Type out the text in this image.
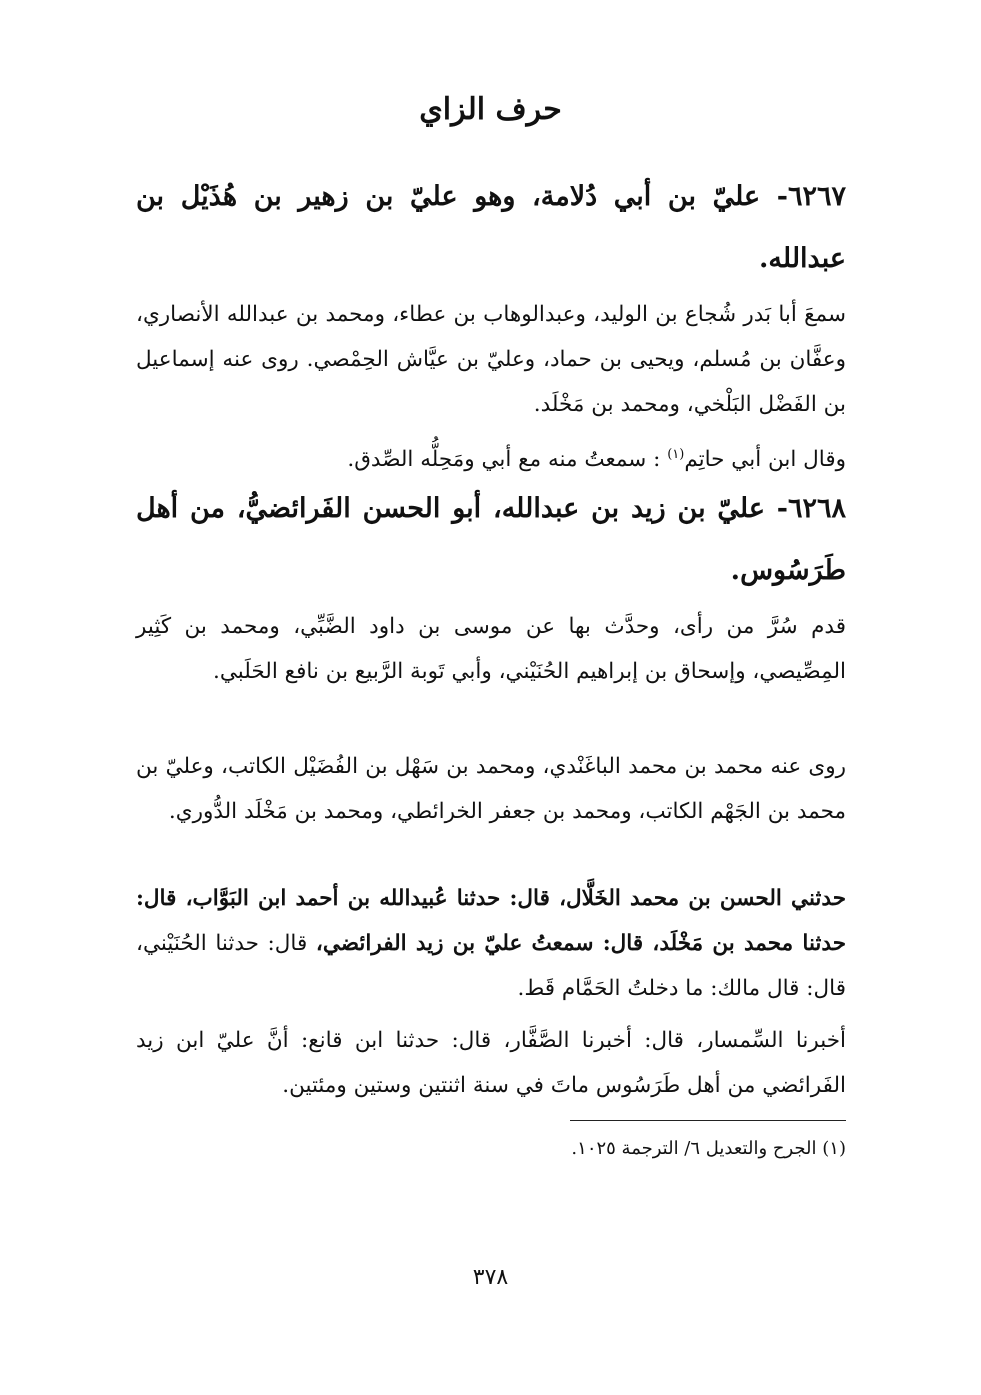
حرف الزاي
٦٢٦٧- عليّ بن أبي دُلامة، وهو عليّ بن زهير بن هُذَيْل بن عبدالله.
سمعَ أبا بَدر شُجاع بن الوليد، وعبدالوهاب بن عطاء، ومحمد بن عبدالله الأنصاري، وعفَّان بن مُسلم، ويحيى بن حماد، وعليّ بن عيَّاش الحِمْصي. روى عنه إسماعيل بن الفَضْل البَلْخي، ومحمد بن مَخْلَد.
وقال ابن أبي حاتِم$^{(١)}$ : سمعتُ منه مع أبي ومَحِلُّه الصِّدق.
٦٢٦٨- عليّ بن زيد بن عبدالله، أبو الحسن الفَرائضيُّ، من أهل طَرَسُوس.
قدم سُرَّ من رأى، وحدَّث بها عن موسى بن داود الضَّبِّي، ومحمد بن كَثِير المِصِّيصي، وإسحاق بن إبراهيم الحُنَيْني، وأبي تَوبة الرَّبيع بن نافع الحَلَبي.
روى عنه محمد بن محمد الباغَنْدي، ومحمد بن سَهْل بن الفُضَيْل الكاتب، وعليّ بن محمد بن الجَهْم الكاتب، ومحمد بن جعفر الخرائطي، ومحمد بن مَخْلَد الدُّوري.
حدثني الحسن بن محمد الخَلَّال، قال: حدثنا عُبيدالله بن أحمد ابن البَوَّاب، قال: حدثنا محمد بن مَخْلَد، قال: سمعتُ عليّ بن زيد الفرائضي، قال: حدثنا الحُنَيْني، قال: قال مالك: ما دخلتُ الحَمَّام قَط.
أخبرنا السِّمسار، قال: أخبرنا الصَّفَّار، قال: حدثنا ابن قانع: أنَّ عليّ ابن زيد الفَرائضي من أهل طَرَسُوس ماتَ في سنة اثنتين وستين ومئتين.
(١) الجرح والتعديل ٦/ الترجمة ١٠٢٥.
٣٧٨
